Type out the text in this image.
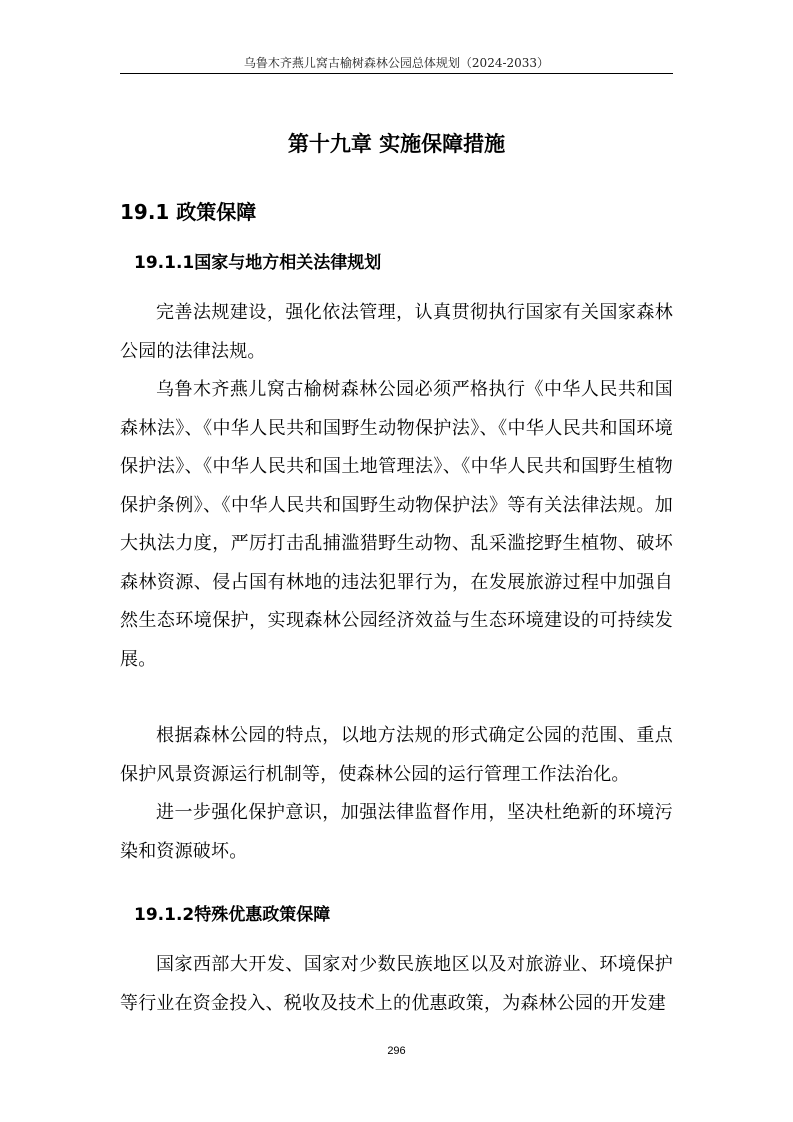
乌鲁木齐燕儿窝古榆树森林公园总体规划（2024-2033）
第十九章 实施保障措施
19.1 政策保障
19.1.1国家与地方相关法律规划
完善法规建设，强化依法管理，认真贯彻执行国家有关国家森林公园的法律法规。
乌鲁木齐燕儿窝古榆树森林公园必须严格执行《中华人民共和国森林法》、《中华人民共和国野生动物保护法》、《中华人民共和国环境保护法》、《中华人民共和国土地管理法》、《中华人民共和国野生植物保护条例》、《中华人民共和国野生动物保护法》等有关法律法规。加大执法力度，严厉打击乱捕滥猎野生动物、乱采滥挖野生植物、破坏森林资源、侵占国有林地的违法犯罪行为，在发展旅游过程中加强自然生态环境保护，实现森林公园经济效益与生态环境建设的可持续发展。
根据森林公园的特点，以地方法规的形式确定公园的范围、重点保护风景资源运行机制等，使森林公园的运行管理工作法治化。
进一步强化保护意识，加强法律监督作用，坚决杜绝新的环境污染和资源破坏。
19.1.2特殊优惠政策保障
国家西部大开发、国家对少数民族地区以及对旅游业、环境保护等行业在资金投入、税收及技术上的优惠政策，为森林公园的开发建
296
